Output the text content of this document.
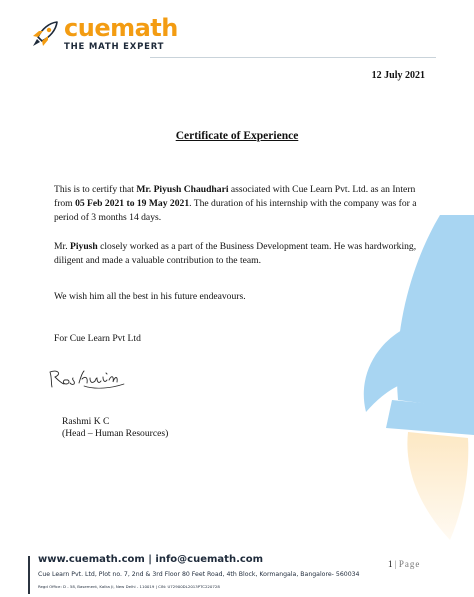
cuemath
THE MATH EXPERT
12 July 2021
Certificate of Experience

This is to certify that Mr. Piyush Chaudhari associated with Cue Learn Pvt. Ltd. as an Intern from 05 Feb 2021 to 19 May 2021. The duration of his internship with the company was for a period of 3 months 14 days.

Mr. Piyush closely worked as a part of the Business Development team. He was hardworking, diligent and made a valuable contribution to the team.

We wish him all the best in his future endeavours.

For Cue Learn Pvt Ltd
Rashmi K C
(Head – Human Resources)
www.cuemath.com | info@cuemath.com
Cue Learn Pvt. Ltd, Plot no. 7, 2nd & 3rd Floor 80 Feet Road, 4th Block, Kormangala, Bangalore- 560034
Regd Office: D - 58, Basement, Kalka Ji, New Delhi - 110019 | CIN: U72900DL2013PTC220728
1 | Page
